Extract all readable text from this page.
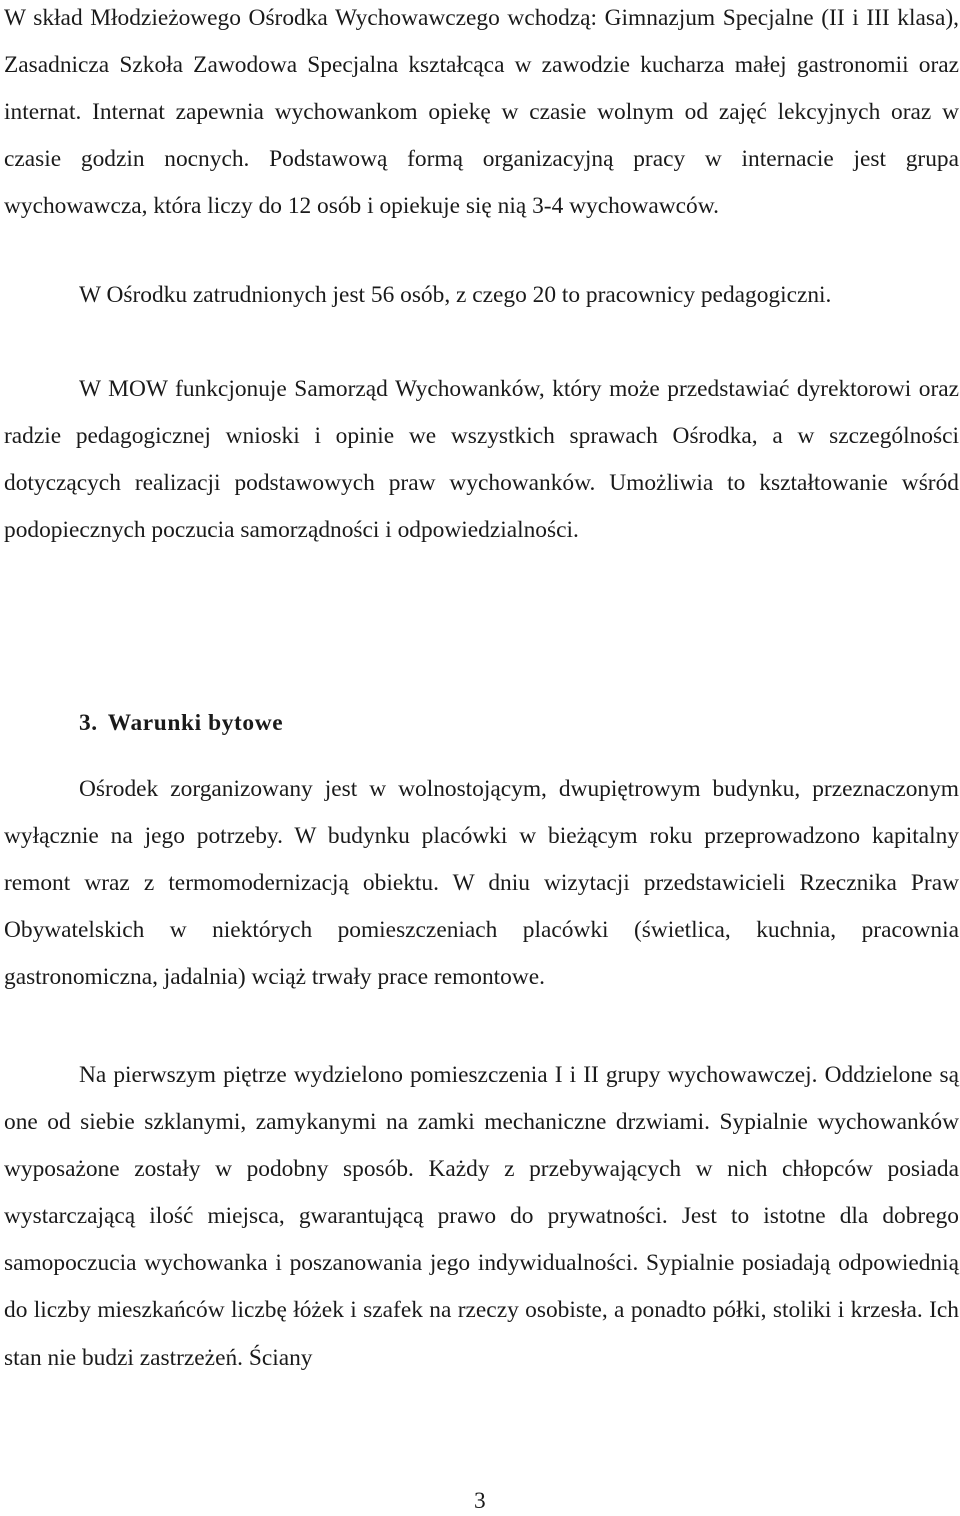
W skład Młodzieżowego Ośrodka Wychowawczego wchodzą: Gimnazjum Specjalne (II i III klasa), Zasadnicza Szkoła Zawodowa Specjalna kształcąca w zawodzie kucharza małej gastronomii oraz internat. Internat zapewnia wychowankom opiekę w czasie wolnym od zajęć lekcyjnych oraz w czasie godzin nocnych. Podstawową formą organizacyjną pracy w internacie jest grupa wychowawcza, która liczy do 12 osób i opiekuje się nią 3-4 wychowawców.

W Ośrodku zatrudnionych jest 56 osób, z czego 20 to pracownicy pedagogiczni.

W MOW funkcjonuje Samorząd Wychowanków, który może przedstawiać dyrektorowi oraz radzie pedagogicznej wnioski i opinie we wszystkich sprawach Ośrodka, a w szczególności dotyczących realizacji podstawowych praw wychowanków. Umożliwia to kształtowanie wśród podopiecznych poczucia samorządności i odpowiedzialności.

3. Warunki bytowe

Ośrodek zorganizowany jest w wolnostojącym, dwupiętrowym budynku, przeznaczonym wyłącznie na jego potrzeby. W budynku placówki w bieżącym roku przeprowadzono kapitalny remont wraz z termomodernizacją obiektu. W dniu wizytacji przedstawicieli Rzecznika Praw Obywatelskich w niektórych pomieszczeniach placówki (świetlica, kuchnia, pracownia gastronomiczna, jadalnia) wciąż trwały prace remontowe.

Na pierwszym piętrze wydzielono pomieszczenia I i II grupy wychowawczej. Oddzielone są one od siebie szklanymi, zamykanymi na zamki mechaniczne drzwiami. Sypialnie wychowanków wyposażone zostały w podobny sposób. Każdy z przebywających w nich chłopców posiada wystarczającą ilość miejsca, gwarantującą prawo do prywatności. Jest to istotne dla dobrego samopoczucia wychowanka i poszanowania jego indywidualności. Sypialnie posiadają odpowiednią do liczby mieszkańców liczbę łóżek i szafek na rzeczy osobiste, a ponadto półki, stoliki i krzesła. Ich stan nie budzi zastrzeżeń. Ściany

3
